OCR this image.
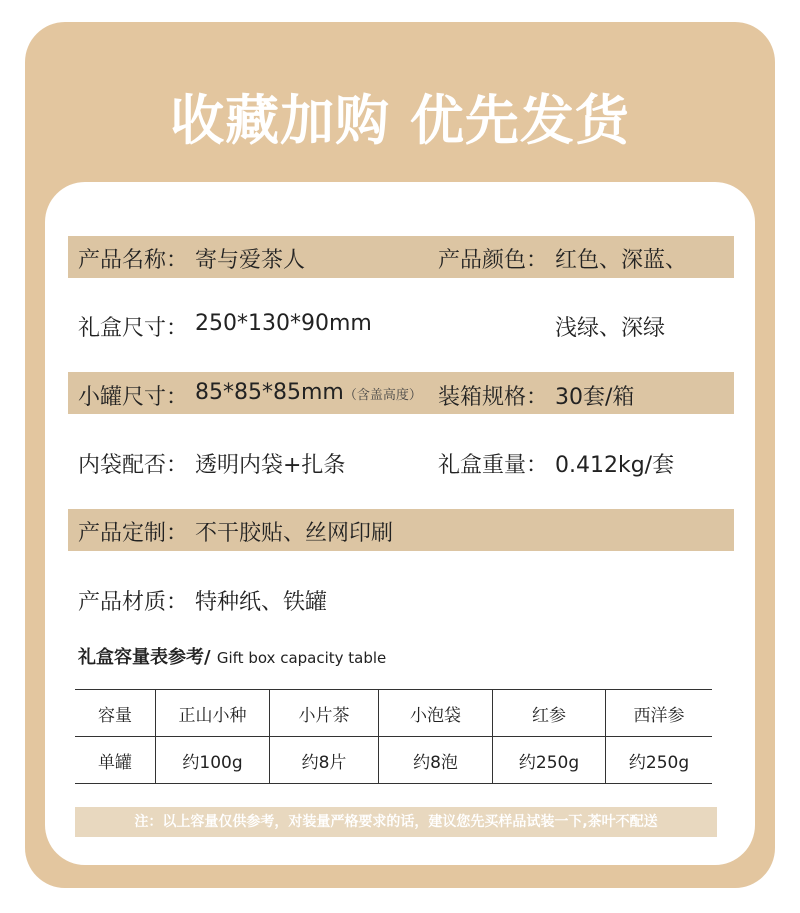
收藏加购 优先发货
产品名称： 寄与爱茶人	产品颜色： 红色、深蓝、
礼盒尺寸： 250*130*90mm	浅绿、深绿
小罐尺寸： 85*85*85mm（含盖高度） 装箱规格： 30套/箱
内袋配否： 透明内袋+扎条	礼盒重量： 0.412kg/套
产品定制： 不干胶贴、丝网印刷
产品材质： 特种纸、铁罐
礼盒容量表参考/ Gift box capacity table
容量	正山小种	小片茶	小泡袋	红参	西洋参
单罐	约100g	约8片	约8泡	约250g	约250g
注：以上容量仅供参考，对装量严格要求的话，建议您先买样品试装一下,茶叶不配送
